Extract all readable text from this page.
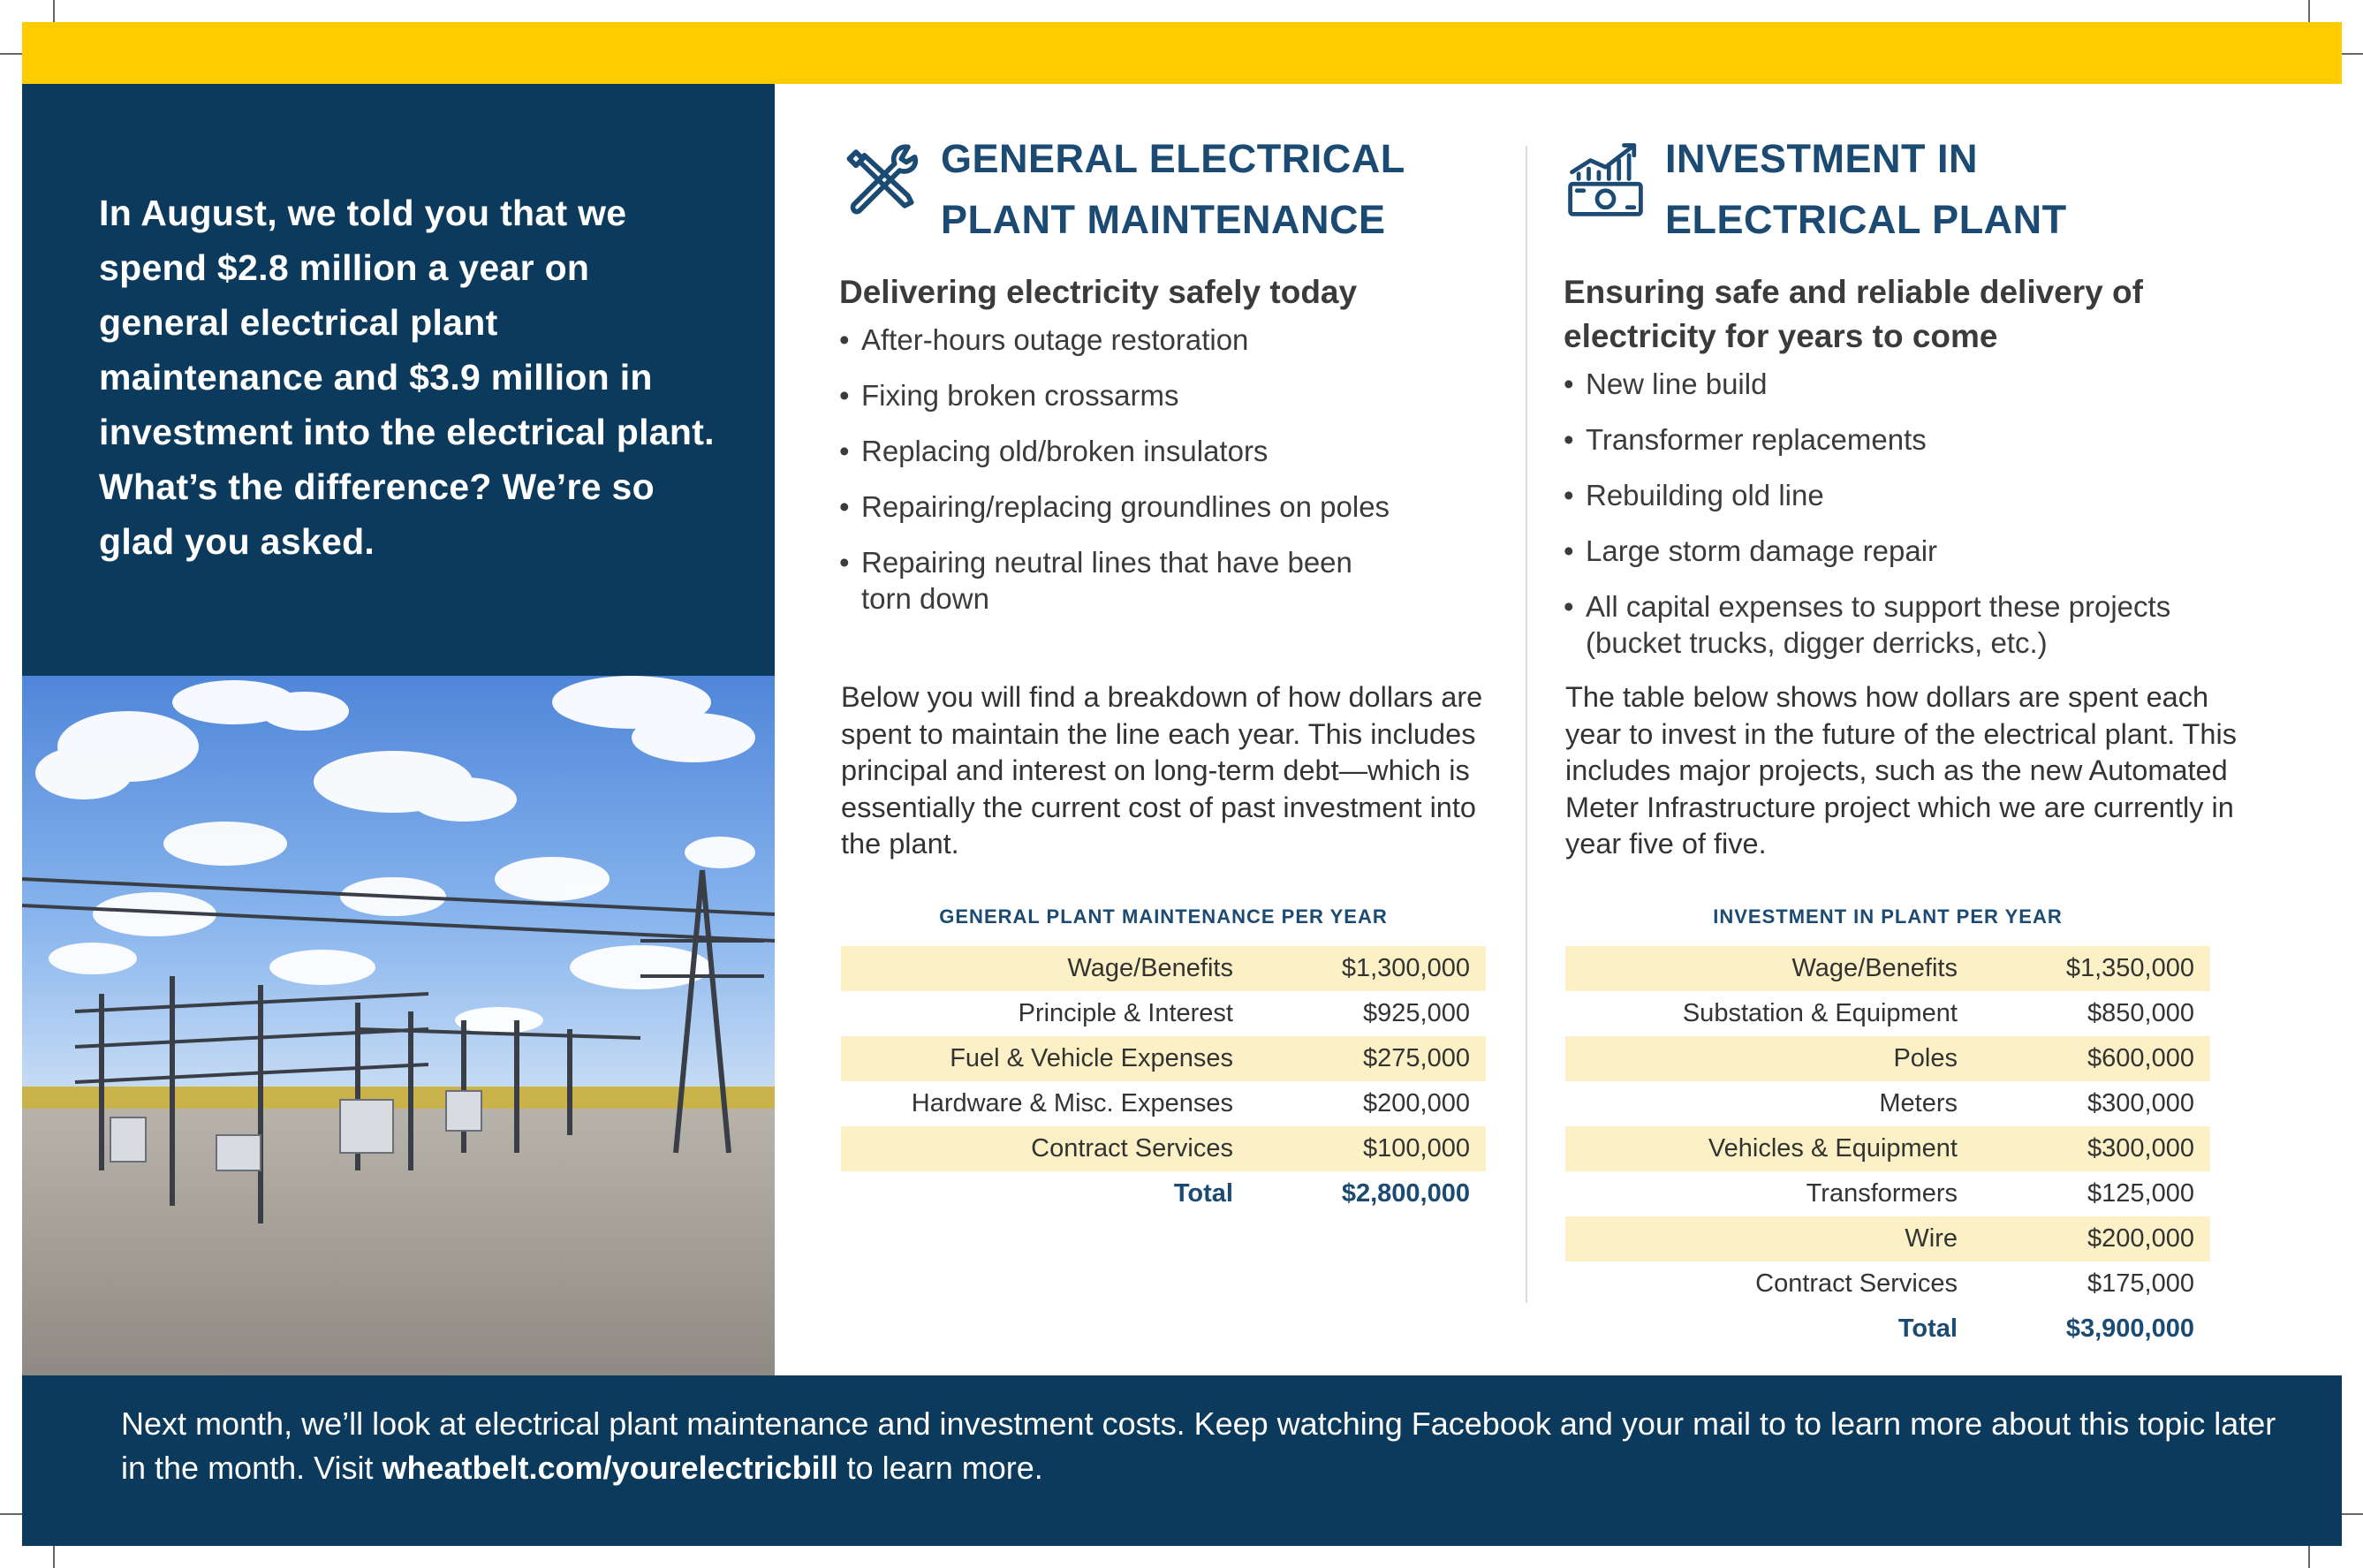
In August, we told you that we spend $2.8 million a year on general electrical plant maintenance and $3.9 million in investment into the electrical plant. What’s the difference? We’re so glad you asked.
GENERAL ELECTRICAL
PLANT MAINTENANCE
Delivering electricity safely today
• After-hours outage restoration
• Fixing broken crossarms
• Replacing old/broken insulators
• Repairing/replacing groundlines on poles
• Repairing neutral lines that have been torn down
Below you will find a breakdown of how dollars are spent to maintain the line each year. This includes principal and interest on long-term debt—which is essentially the current cost of past investment into the plant.
GENERAL PLANT MAINTENANCE PER YEAR
Wage/Benefits	$1,300,000
Principle & Interest	$925,000
Fuel & Vehicle Expenses	$275,000
Hardware & Misc. Expenses	$200,000
Contract Services	$100,000
Total	$2,800,000
INVESTMENT IN
ELECTRICAL PLANT
Ensuring safe and reliable delivery of electricity for years to come
• New line build
• Transformer replacements
• Rebuilding old line
• Large storm damage repair
• All capital expenses to support these projects (bucket trucks, digger derricks, etc.)
The table below shows how dollars are spent each year to invest in the future of the electrical plant. This includes major projects, such as the new Automated Meter Infrastructure project which we are currently in year five of five.
INVESTMENT IN PLANT PER YEAR
Wage/Benefits	$1,350,000
Substation & Equipment	$850,000
Poles	$600,000
Meters	$300,000
Vehicles & Equipment	$300,000
Transformers	$125,000
Wire	$200,000
Contract Services	$175,000
Total	$3,900,000
Next month, we’ll look at electrical plant maintenance and investment costs. Keep watching Facebook and your mail to to learn more about this topic later in the month. Visit wheatbelt.com/yourelectricbill to learn more.
